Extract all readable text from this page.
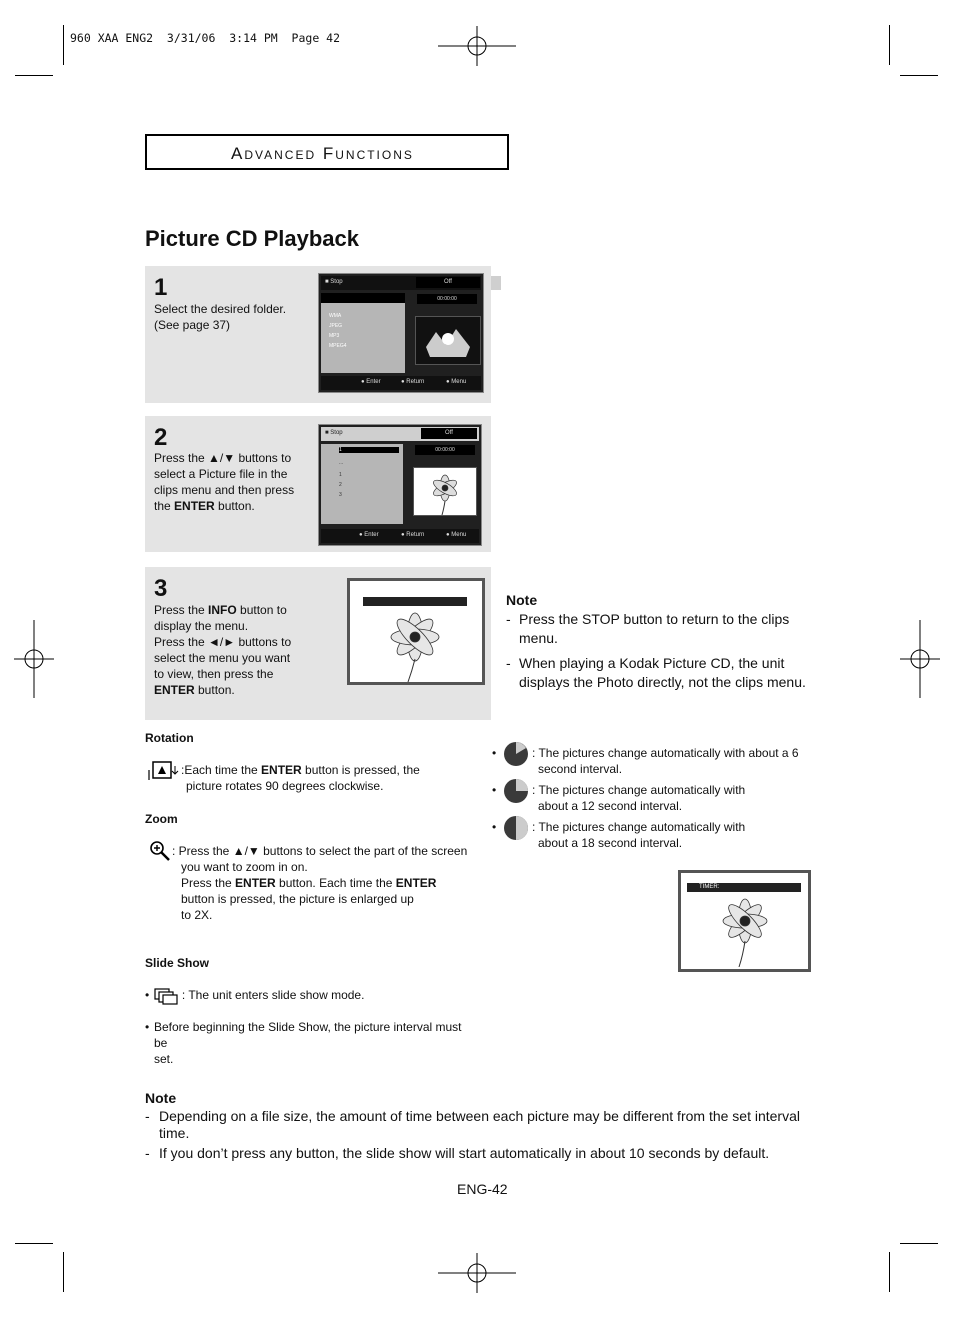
960 XAA ENG2  3/31/06  3:14 PM  Page 42
Advanced Functions
Picture CD Playback
1
Select the desired folder.
(See page 37)
■ Stop	Off
WMA
JPEG
MP3
MPEG4
00:00:00
● Enter	● Return	● Menu
2
Press the ▲/▼ buttons to
select a Picture file in the
clips menu and then press
the ENTER button.
■ Stop	Off
1
...
1
2
3
00:00:00
● Enter	● Return	● Menu
3
Press the INFO button to
display the menu.
Press the ◄/► buttons to
select the menu you want
to view, then press the
ENTER button.
Note
- Press the STOP button to return to the clips menu.
- When playing a Kodak Picture CD, the unit displays the Photo directly, not the clips menu.
Rotation
:Each time the ENTER button is pressed, the
picture rotates 90 degrees clockwise.
Zoom
: Press the ▲/▼ buttons to select the part of the screen
you want to zoom in on.
Press the ENTER button. Each time the ENTER
button is pressed, the picture is enlarged up
to 2X.
Slide Show
•	: The unit enters slide show mode.
• Before beginning the Slide Show, the picture interval must be
set.
•	: The pictures change automatically with about a 6
second interval.
•	: The pictures change automatically with
about a 12 second interval.
•	: The pictures change automatically with
about a 18 second interval.
TIMER:
Note
- Depending on a file size, the amount of time between each picture may be different from the set interval
time.
- If you don’t press any button, the slide show will start automatically in about 10 seconds by default.
ENG-42
